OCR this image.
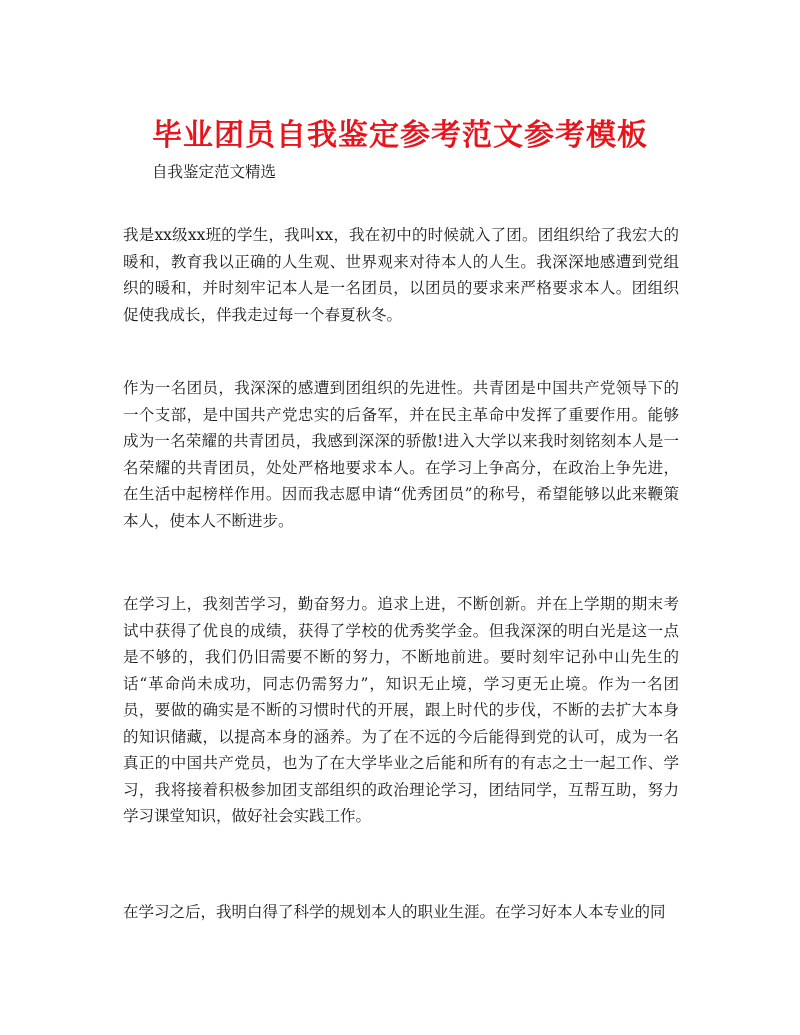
毕业团员自我鉴定参考范文参考模板

自我鉴定范文精选

我是xx级xx班的学生，我叫xx，我在初中的时候就入了团。团组织给了我宏大的暖和，教育我以正确的人生观、世界观来对待本人的人生。我深深地感遭到党组织的暖和，并时刻牢记本人是一名团员，以团员的要求来严格要求本人。团组织促使我成长，伴我走过每一个春夏秋冬。

作为一名团员，我深深的感遭到团组织的先进性。共青团是中国共产党领导下的一个支部，是中国共产党忠实的后备军，并在民主革命中发挥了重要作用。能够成为一名荣耀的共青团员，我感到深深的骄傲!进入大学以来我时刻铭刻本人是一名荣耀的共青团员，处处严格地要求本人。在学习上争高分，在政治上争先进，在生活中起榜样作用。因而我志愿申请“优秀团员”的称号，希望能够以此来鞭策本人，使本人不断进步。

在学习上，我刻苦学习，勤奋努力。追求上进，不断创新。并在上学期的期末考试中获得了优良的成绩，获得了学校的优秀奖学金。但我深深的明白光是这一点是不够的，我们仍旧需要不断的努力，不断地前进。要时刻牢记孙中山先生的话“革命尚未成功，同志仍需努力”，知识无止境，学习更无止境。作为一名团员，要做的确实是不断的习惯时代的开展，跟上时代的步伐，不断的去扩大本身的知识储藏，以提高本身的涵养。为了在不远的今后能得到党的认可，成为一名真正的中国共产党员，也为了在大学毕业之后能和所有的有志之士一起工作、学习，我将接着积极参加团支部组织的政治理论学习，团结同学，互帮互助，努力学习课堂知识，做好社会实践工作。

在学习之后，我明白得了科学的规划本人的职业生涯。在学习好本人本专业的同
